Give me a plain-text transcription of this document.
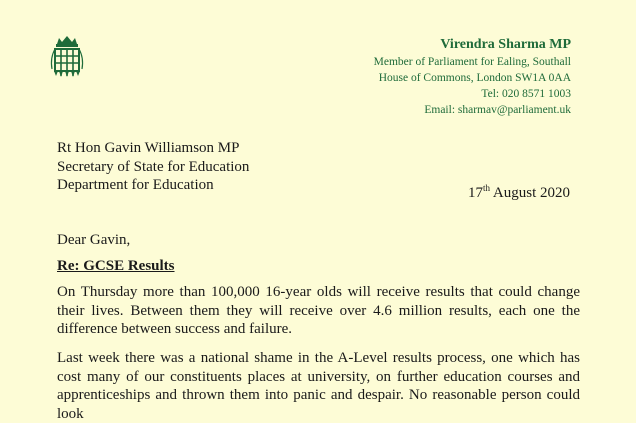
Virendra Sharma MP
Member of Parliament for Ealing, Southall
House of Commons, London SW1A 0AA
Tel: 020 8571 1003
Email: sharmav@parliament.uk
Rt Hon Gavin Williamson MP
Secretary of State for Education
Department for Education	17th August 2020
Dear Gavin,
Re: GCSE Results
On Thursday more than 100,000 16-year olds will receive results that could change their lives. Between them they will receive over 4.6 million results, each one the difference between success and failure.
Last week there was a national shame in the A-Level results process, one which has cost many of our constituents places at university, on further education courses and apprenticeships and thrown them into panic and despair. No reasonable person could look
